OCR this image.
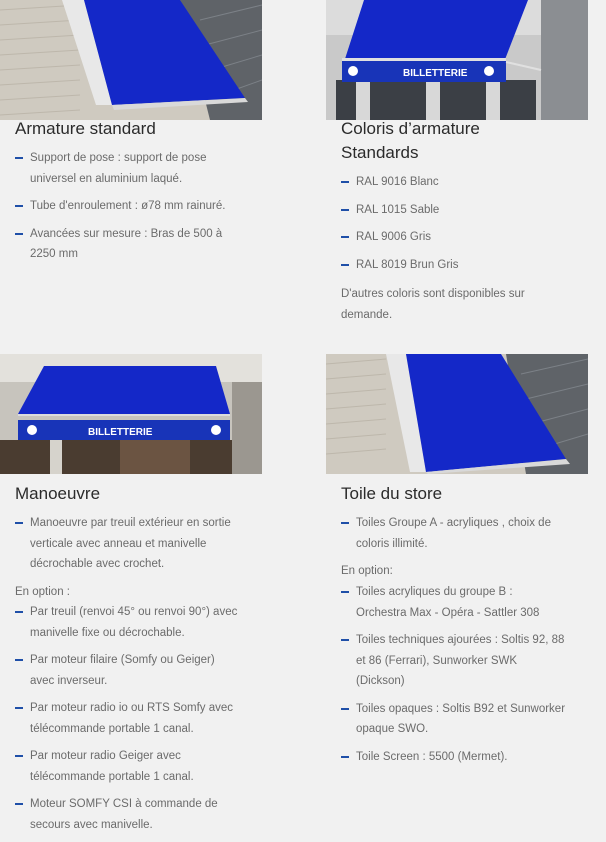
Armature standard
Support de pose : support de pose universel en aluminium laqué.
Tube d'enroulement : ø78 mm rainuré.
Avancées sur mesure : Bras de 500 à 2250 mm
BILLETTERIE
Coloris d’armature Standards
RAL 9016 Blanc
RAL 1015 Sable
RAL 9006 Gris
RAL 8019 Brun Gris

D'autres coloris sont disponibles sur demande.

BILLETTERIE
Manoeuvre
Manoeuvre par treuil extérieur en sortie verticale avec anneau et manivelle décrochable avec crochet.

En option :

Par treuil (renvoi 45° ou renvoi 90°) avec manivelle fixe ou décrochable.
Par moteur filaire (Somfy ou Geiger) avec inverseur.
Par moteur radio io ou RTS Somfy avec télécommande portable 1 canal.
Par moteur radio Geiger avec télécommande portable 1 canal.
Moteur SOMFY CSI à commande de secours avec manivelle.
Toile du store
Toiles Groupe A - acryliques , choix de coloris illimité.

En option:

Toiles acryliques du groupe B : Orchestra Max - Opéra - Sattler 308
Toiles techniques ajourées : Soltis 92, 88 et 86 (Ferrari), Sunworker SWK (Dickson)
Toiles opaques : Soltis B92 et Sunworker opaque SWO.
Toile Screen : 5500 (Mermet).
